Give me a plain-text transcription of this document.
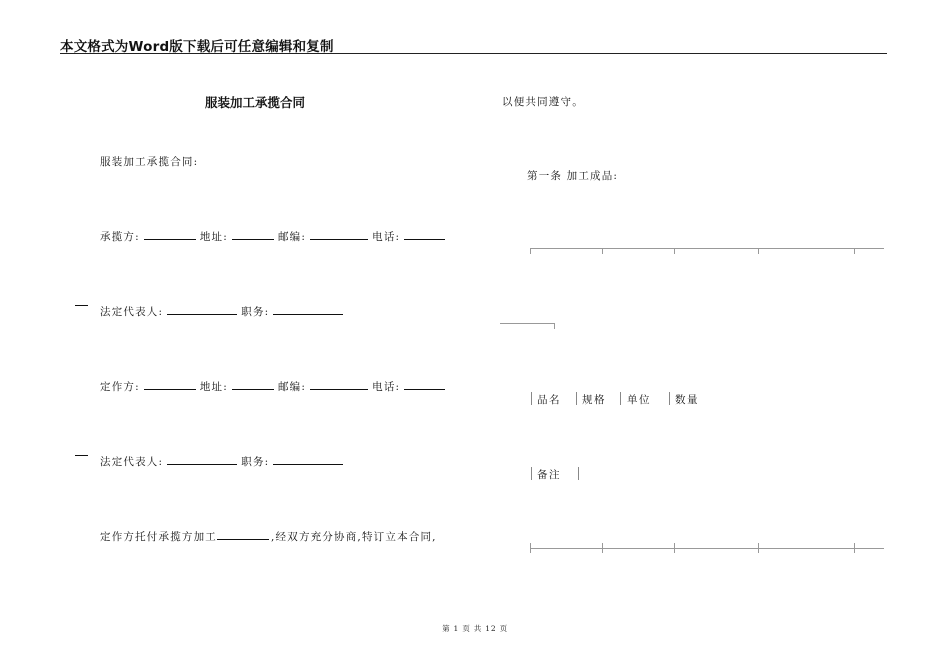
本文格式为Word版下载后可任意编辑和复制
服装加工承揽合同
服装加工承揽合同:
承揽方:	地址:	邮编:	电话:
法定代表人:	职务:
定作方:	地址:	邮编:	电话:
法定代表人:	职务:
定作方托付承揽方加工	,经双方充分协商,特订立本合同,
以便共同遵守。
第一条 加工成品:
品名 规格 单位 数量
备注
第 1 页 共 12 页
